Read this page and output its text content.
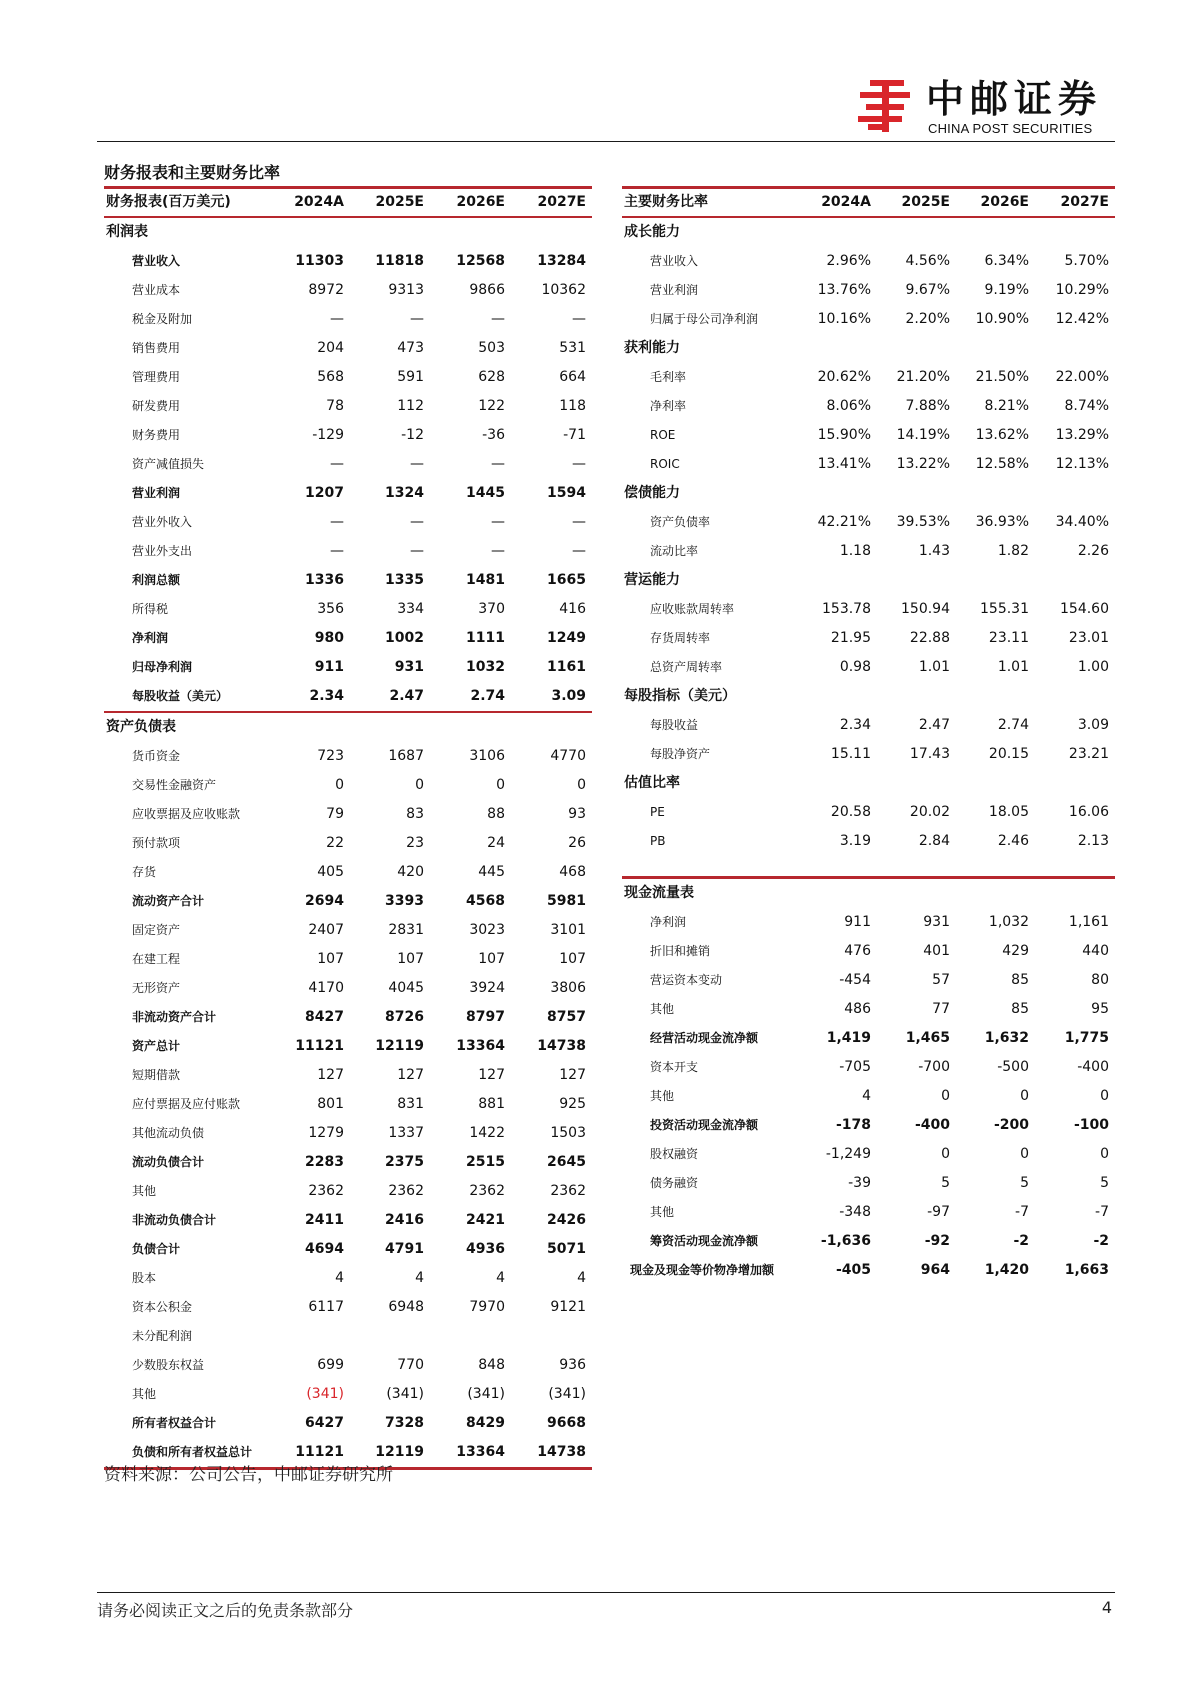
中邮证券
CHINA POST SECURITIES
财务报表和主要财务比率
财务报表(百万美元)	2024A	2025E	2026E	2027E
利润表				
营业收入	11303	11818	12568	13284
营业成本	8972	9313	9866	10362
税金及附加	—	—	—	—
销售费用	204	473	503	531
管理费用	568	591	628	664
研发费用	78	112	122	118
财务费用	-129	-12	-36	-71
资产减值损失	—	—	—	—
营业利润	1207	1324	1445	1594
营业外收入	—	—	—	—
营业外支出	—	—	—	—
利润总额	1336	1335	1481	1665
所得税	356	334	370	416
净利润	980	1002	1111	1249
归母净利润	911	931	1032	1161
每股收益（美元）	2.34	2.47	2.74	3.09
资产负债表				
货币资金	723	1687	3106	4770
交易性金融资产	0	0	0	0
应收票据及应收账款	79	83	88	93
预付款项	22	23	24	26
存货	405	420	445	468
流动资产合计	2694	3393	4568	5981
固定资产	2407	2831	3023	3101
在建工程	107	107	107	107
无形资产	4170	4045	3924	3806
非流动资产合计	8427	8726	8797	8757
资产总计	11121	12119	13364	14738
短期借款	127	127	127	127
应付票据及应付账款	801	831	881	925
其他流动负债	1279	1337	1422	1503
流动负债合计	2283	2375	2515	2645
其他	2362	2362	2362	2362
非流动负债合计	2411	2416	2421	2426
负债合计	4694	4791	4936	5071
股本	4	4	4	4
资本公积金	6117	6948	7970	9121
未分配利润				
少数股东权益	699	770	848	936
其他	(341)	(341)	(341)	(341)
所有者权益合计	6427	7328	8429	9668
负债和所有者权益总计	11121	12119	13364	14738
主要财务比率	2024A	2025E	2026E	2027E
成长能力				
营业收入	2.96%	4.56%	6.34%	5.70%
营业利润	13.76%	9.67%	9.19%	10.29%
归属于母公司净利润	10.16%	2.20%	10.90%	12.42%
获利能力				
毛利率	20.62%	21.20%	21.50%	22.00%
净利率	8.06%	7.88%	8.21%	8.74%
ROE	15.90%	14.19%	13.62%	13.29%
ROIC	13.41%	13.22%	12.58%	12.13%
偿债能力				
资产负债率	42.21%	39.53%	36.93%	34.40%
流动比率	1.18	1.43	1.82	2.26
营运能力				
应收账款周转率	153.78	150.94	155.31	154.60
存货周转率	21.95	22.88	23.11	23.01
总资产周转率	0.98	1.01	1.01	1.00
每股指标（美元）				
每股收益	2.34	2.47	2.74	3.09
每股净资产	15.11	17.43	20.15	23.21
估值比率				
PE	20.58	20.02	18.05	16.06
PB	3.19	2.84	2.46	2.13
现金流量表				
净利润	911	931	1,032	1,161
折旧和摊销	476	401	429	440
营运资本变动	-454	57	85	80
其他	486	77	85	95
经营活动现金流净额	1,419	1,465	1,632	1,775
资本开支	-705	-700	-500	-400
其他	4	0	0	0
投资活动现金流净额	-178	-400	-200	-100
股权融资	-1,249	0	0	0
债务融资	-39	5	5	5
其他	-348	-97	-7	-7
筹资活动现金流净额	-1,636	-92	-2	-2
现金及现金等价物净增加额	-405	964	1,420	1,663
资料来源：公司公告，中邮证券研究所
请务必阅读正文之后的免责条款部分	4
